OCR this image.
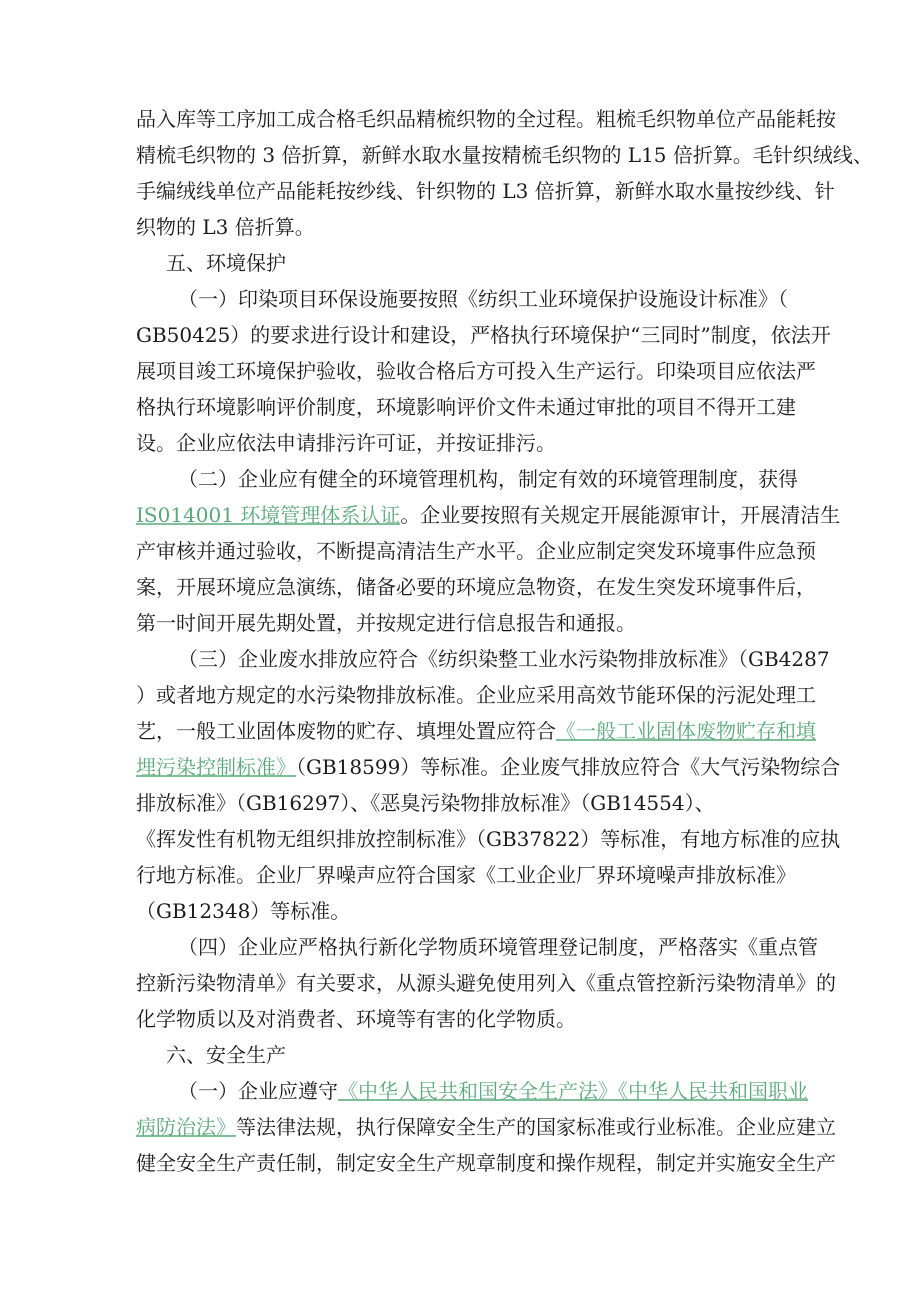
品入库等工序加工成合格毛织品精梳织物的全过程。粗梳毛织物单位产品能耗按
精梳毛织物的 3 倍折算，新鲜水取水量按精梳毛织物的 L15 倍折算。毛针织绒线、
手编绒线单位产品能耗按纱线、针织物的 L3 倍折算，新鲜水取水量按纱线、针
织物的 L3 倍折算。
五、环境保护
（一）印染项目环保设施要按照《纺织工业环境保护设施设计标准》（
GB50425）的要求进行设计和建设，严格执行环境保护“三同时”制度，依法开
展项目竣工环境保护验收，验收合格后方可投入生产运行。印染项目应依法严
格执行环境影响评价制度，环境影响评价文件未通过审批的项目不得开工建
设。企业应依法申请排污许可证，并按证排污。
（二）企业应有健全的环境管理机构，制定有效的环境管理制度，获得
IS014001 环境管理体系认证。企业要按照有关规定开展能源审计，开展清洁生
产审核并通过验收，不断提高清洁生产水平。企业应制定突发环境事件应急预
案，开展环境应急演练，储备必要的环境应急物资，在发生突发环境事件后，
第一时间开展先期处置，并按规定进行信息报告和通报。
（三）企业废水排放应符合《纺织染整工业水污染物排放标准》（GB4287
）或者地方规定的水污染物排放标准。企业应采用高效节能环保的污泥处理工
艺，一般工业固体废物的贮存、填埋处置应符合《一般工业固体废物贮存和填
埋污染控制标准》（GB18599）等标准。企业废气排放应符合《大气污染物综合
排放标准》（GB16297）、《恶臭污染物排放标准》（GB14554）、
《挥发性有机物无组织排放控制标准》（GB37822）等标准，有地方标准的应执
行地方标准。企业厂界噪声应符合国家《工业企业厂界环境噪声排放标准》
（GB12348）等标准。
（四）企业应严格执行新化学物质环境管理登记制度，严格落实《重点管
控新污染物清单》有关要求，从源头避免使用列入《重点管控新污染物清单》的
化学物质以及对消费者、环境等有害的化学物质。
六、安全生产
（一）企业应遵守《中华人民共和国安全生产法》《中华人民共和国职业
病防治法》等法律法规，执行保障安全生产的国家标准或行业标准。企业应建立
健全安全生产责任制，制定安全生产规章制度和操作规程，制定并实施安全生产
